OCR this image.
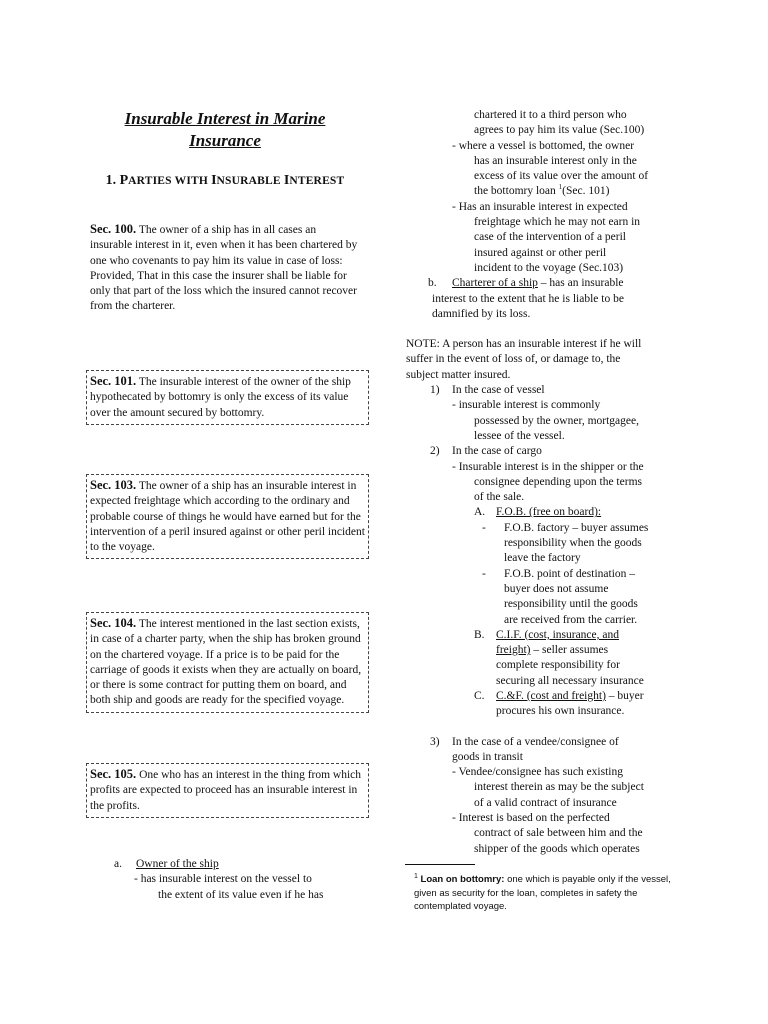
Insurable Interest in Marine
Insurance
1. PARTIES WITH INSURABLE INTEREST
Sec. 100. The owner of a ship has in all cases an insurable interest in it, even when it has been chartered by one who covenants to pay him its value in case of loss: Provided, That in this case the insurer shall be liable for only that part of the loss which the insured cannot recover from the charterer.
Sec. 101. The insurable interest of the owner of the ship hypothecated by bottomry is only the excess of its value over the amount secured by bottomry.
Sec. 103. The owner of a ship has an insurable interest in expected freightage which according to the ordinary and probable course of things he would have earned but for the intervention of a peril insured against or other peril incident to the voyage.
Sec. 104. The interest mentioned in the last section exists, in case of a charter party, when the ship has broken ground on the chartered voyage. If a price is to be paid for the carriage of goods it exists when they are actually on board, or there is some contract for putting them on board, and both ship and goods are ready for the specified voyage.
Sec. 105. One who has an interest in the thing from which profits are expected to proceed has an insurable interest in the profits.
a.	Owner of the ship
- has insurable interest on the vessel to
the extent of its value even if he has
chartered it to a third person who
agrees to pay him its value (Sec.100)
- where a vessel is bottomed, the owner
has an insurable interest only in the
excess of its value over the amount of
the bottomry loan $^1$(Sec. 101)
- Has an insurable interest in expected
freightage which he may not earn in
case of the intervention of a peril
insured against or other peril
incident to the voyage (Sec.103)
b.	Charterer of a ship – has an insurable
interest to the extent that he is liable to be
damnified by its loss.
NOTE: A person has an insurable interest if he will
suffer in the event of loss of, or damage to, the
subject matter insured.
1)	In the case of vessel
- insurable interest is commonly
possessed by the owner, mortgagee,
lessee of the vessel.
2)	In the case of cargo
- Insurable interest is in the shipper or the
consignee depending upon the terms
of the sale.
A. F.O.B. (free on board):
-	F.O.B. factory – buyer assumes
responsibility when the goods
leave the factory
-	F.O.B. point of destination –
buyer does not assume
responsibility until the goods
are received from the carrier.
B. C.I.F. (cost, insurance, and
freight) – seller assumes
complete responsibility for
securing all necessary insurance
C. C.&F. (cost and freight) – buyer
procures his own insurance.
3)	In the case of a vendee/consignee of
goods in transit
- Vendee/consignee has such existing
interest therein as may be the subject
of a valid contract of insurance
- Interest is based on the perfected
contract of sale between him and the
shipper of the goods which operates
$^1$ Loan on bottomry: one which is payable only if the vessel, given as security for the loan, completes in safety the contemplated voyage.
